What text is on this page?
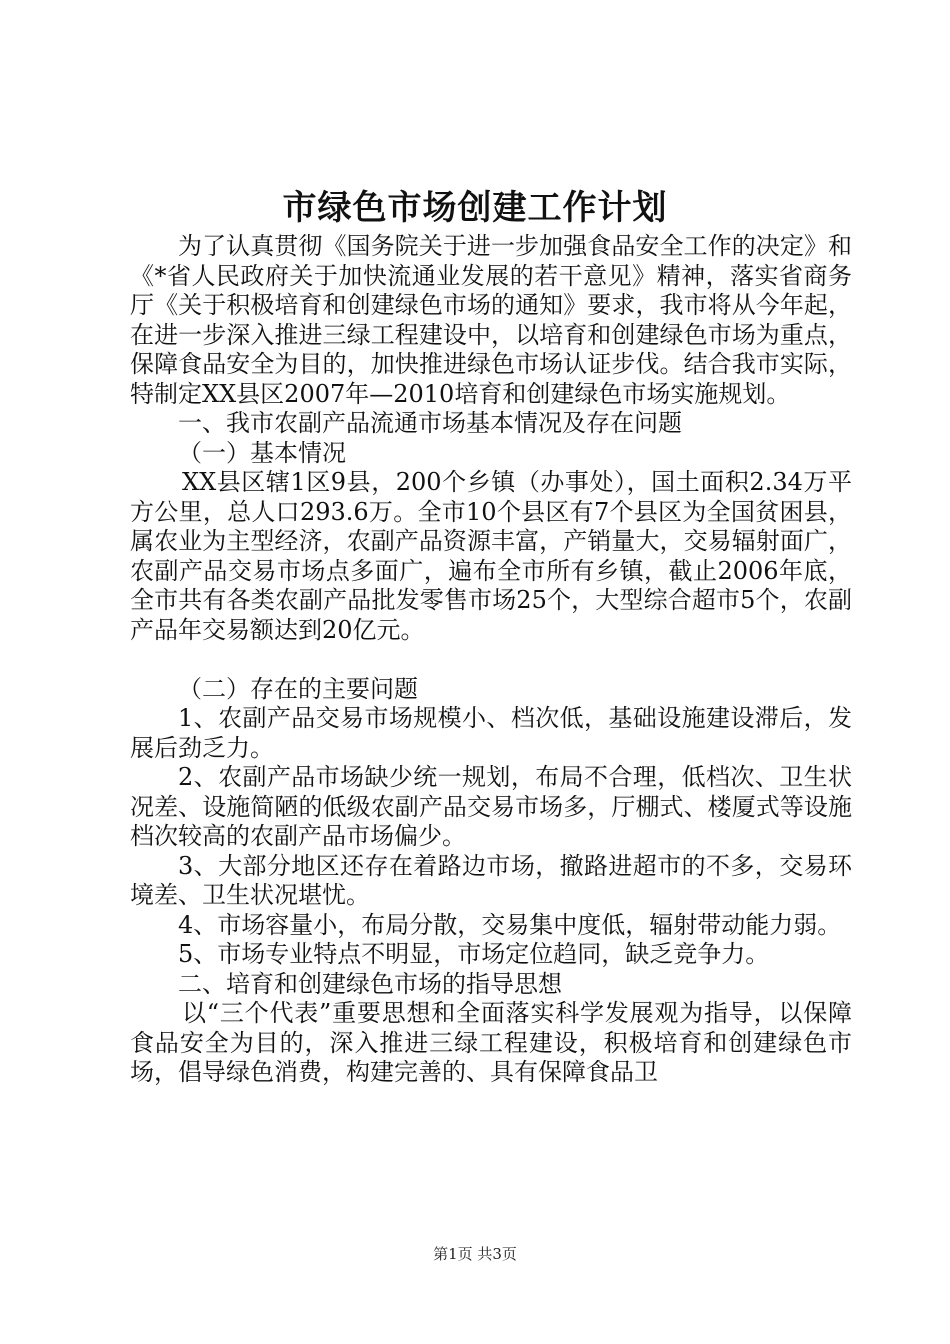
市绿色市场创建工作计划

为了认真贯彻《国务院关于进一步加强食品安全工作的决定》和《*省人民政府关于加快流通业发展的若干意见》精神，落实省商务厅《关于积极培育和创建绿色市场的通知》要求，我市将从今年起，在进一步深入推进三绿工程建设中，以培育和创建绿色市场为重点，保障食品安全为目的，加快推进绿色市场认证步伐。结合我市实际，特制定XX县区2007年—2010培育和创建绿色市场实施规划。

一、我市农副产品流通市场基本情况及存在问题

（一）基本情况

XX县区辖1区9县，200个乡镇（办事处），国土面积2.34万平方公里，总人口293.6万。全市10个县区有7个县区为全国贫困县，属农业为主型经济，农副产品资源丰富，产销量大，交易辐射面广，农副产品交易市场点多面广，遍布全市所有乡镇，截止2006年底，全市共有各类农副产品批发零售市场25个，大型综合超市5个，农副产品年交易额达到20亿元。

（二）存在的主要问题

1、农副产品交易市场规模小、档次低，基础设施建设滞后，发展后劲乏力。

2、农副产品市场缺少统一规划，布局不合理，低档次、卫生状况差、设施简陋的低级农副产品交易市场多，厅棚式、楼厦式等设施档次较高的农副产品市场偏少。

3、大部分地区还存在着路边市场，撤路进超市的不多，交易环境差、卫生状况堪忧。

4、市场容量小，布局分散，交易集中度低，辐射带动能力弱。

5、市场专业特点不明显，市场定位趋同，缺乏竞争力。

二、培育和创建绿色市场的指导思想

以“三个代表”重要思想和全面落实科学发展观为指导，以保障食品安全为目的，深入推进三绿工程建设，积极培育和创建绿色市场，倡导绿色消费，构建完善的、具有保障食品卫

第1页 共3页
